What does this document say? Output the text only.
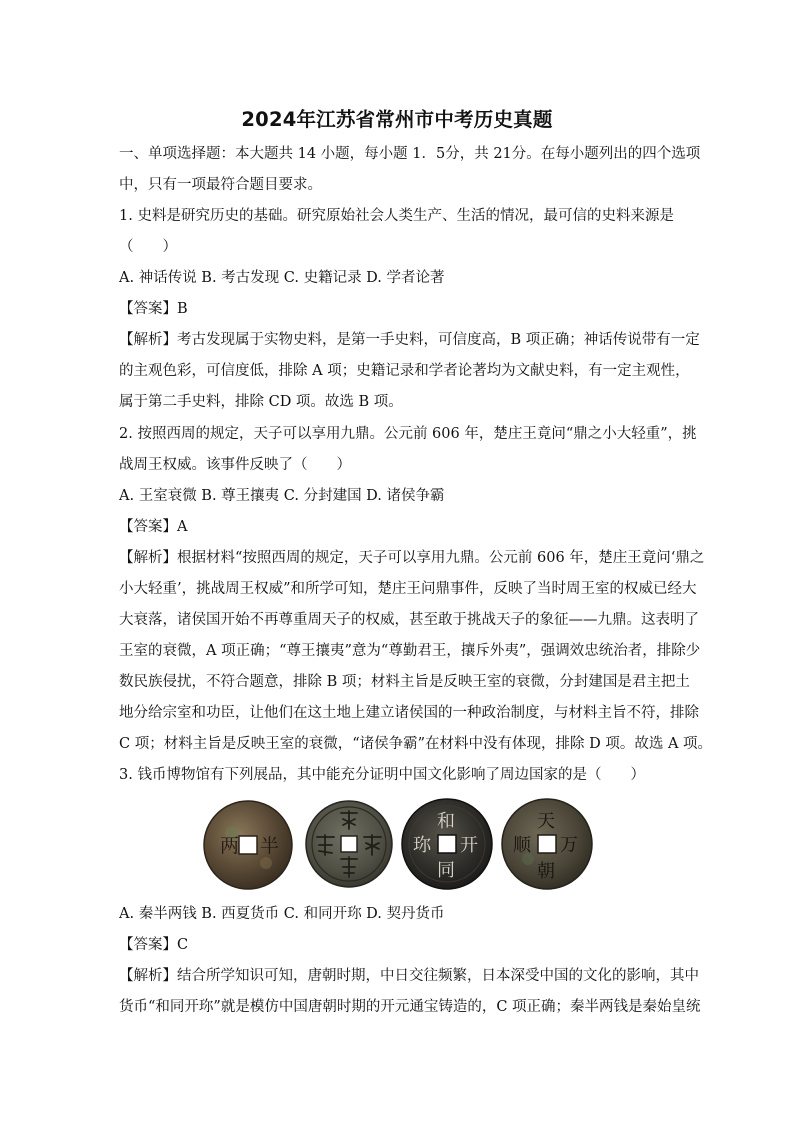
2024年江苏省常州市中考历史真题
一、单项选择题：本大题共 14 小题，每小题 1．5分，共 21分。在每小题列出的四个选项
中，只有一项最符合题目要求。
1. 史料是研究历史的基础。研究原始社会人类生产、生活的情况，最可信的史料来源是
（　　）
A. 神话传说 B. 考古发现 C. 史籍记录 D. 学者论著
【答案】B
【解析】考古发现属于实物史料，是第一手史料，可信度高，B 项正确；神话传说带有一定
的主观色彩，可信度低，排除 A 项；史籍记录和学者论著均为文献史料，有一定主观性，
属于第二手史料，排除 CD 项。故选 B 项。
2. 按照西周的规定，天子可以享用九鼎。公元前 606 年，楚庄王竟问“鼎之小大轻重”，挑
战周王权威。该事件反映了（　　）
A. 王室衰微 B. 尊王攘夷 C. 分封建国 D. 诸侯争霸
【答案】A
【解析】根据材料“按照西周的规定，天子可以享用九鼎。公元前 606 年，楚庄王竟问‘鼎之
小大轻重’，挑战周王权威”和所学可知，楚庄王问鼎事件，反映了当时周王室的权威已经大
大衰落，诸侯国开始不再尊重周天子的权威，甚至敢于挑战天子的象征——九鼎。这表明了
王室的衰微，A 项正确；“尊王攘夷”意为“尊勤君王，攘斥外夷”，强调效忠统治者，排除少
数民族侵扰，不符合题意，排除 B 项；材料主旨是反映王室的衰微，分封建国是君主把土
地分给宗室和功臣，让他们在这土地上建立诸侯国的一种政治制度，与材料主旨不符，排除
C 项；材料主旨是反映王室的衰微，“诸侯争霸”在材料中没有体现，排除 D 项。故选 A 项。
3. 钱币博物馆有下列展品，其中能充分证明中国文化影响了周边国家的是（　　）
两 半
和
同
开
珎
天
朝
万
顺
A. 秦半两钱 B. 西夏货币 C. 和同开珎 D. 契丹货币
【答案】C
【解析】结合所学知识可知，唐朝时期，中日交往频繁，日本深受中国的文化的影响，其中
货币“和同开珎”就是模仿中国唐朝时期的开元通宝铸造的，C 项正确；秦半两钱是秦始皇统
